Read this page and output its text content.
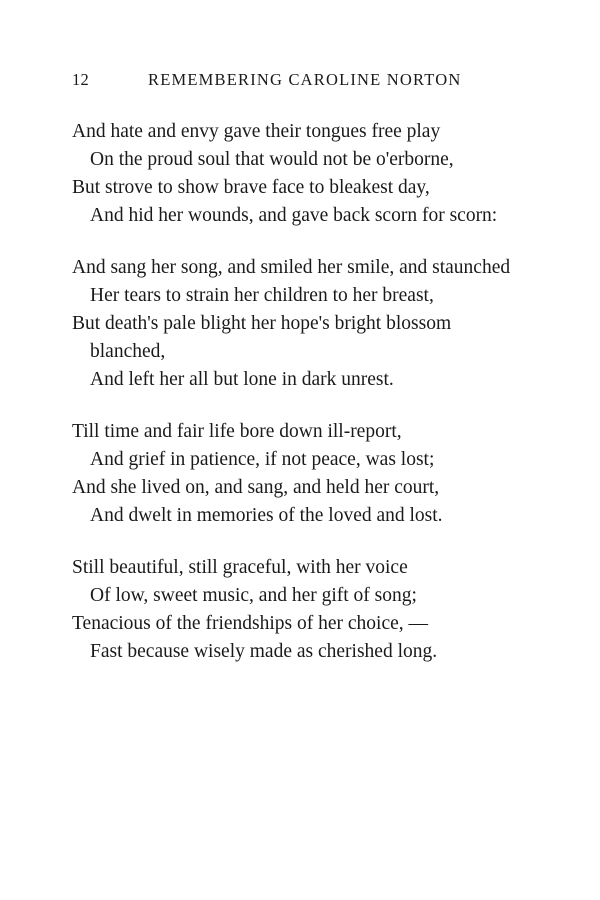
12	REMEMBERING CAROLINE NORTON
And hate and envy gave their tongues free play
On the proud soul that would not be o'erborne,
But strove to show brave face to bleakest day,
And hid her wounds, and gave back scorn for scorn:
And sang her song, and smiled her smile, and staunched
Her tears to strain her children to her breast,
But death's pale blight her hope's bright blossom
blanched,
And left her all but lone in dark unrest.
Till time and fair life bore down ill-report,
And grief in patience, if not peace, was lost;
And she lived on, and sang, and held her court,
And dwelt in memories of the loved and lost.
Still beautiful, still graceful, with her voice
Of low, sweet music, and her gift of song;
Tenacious of the friendships of her choice, —
Fast because wisely made as cherished long.
